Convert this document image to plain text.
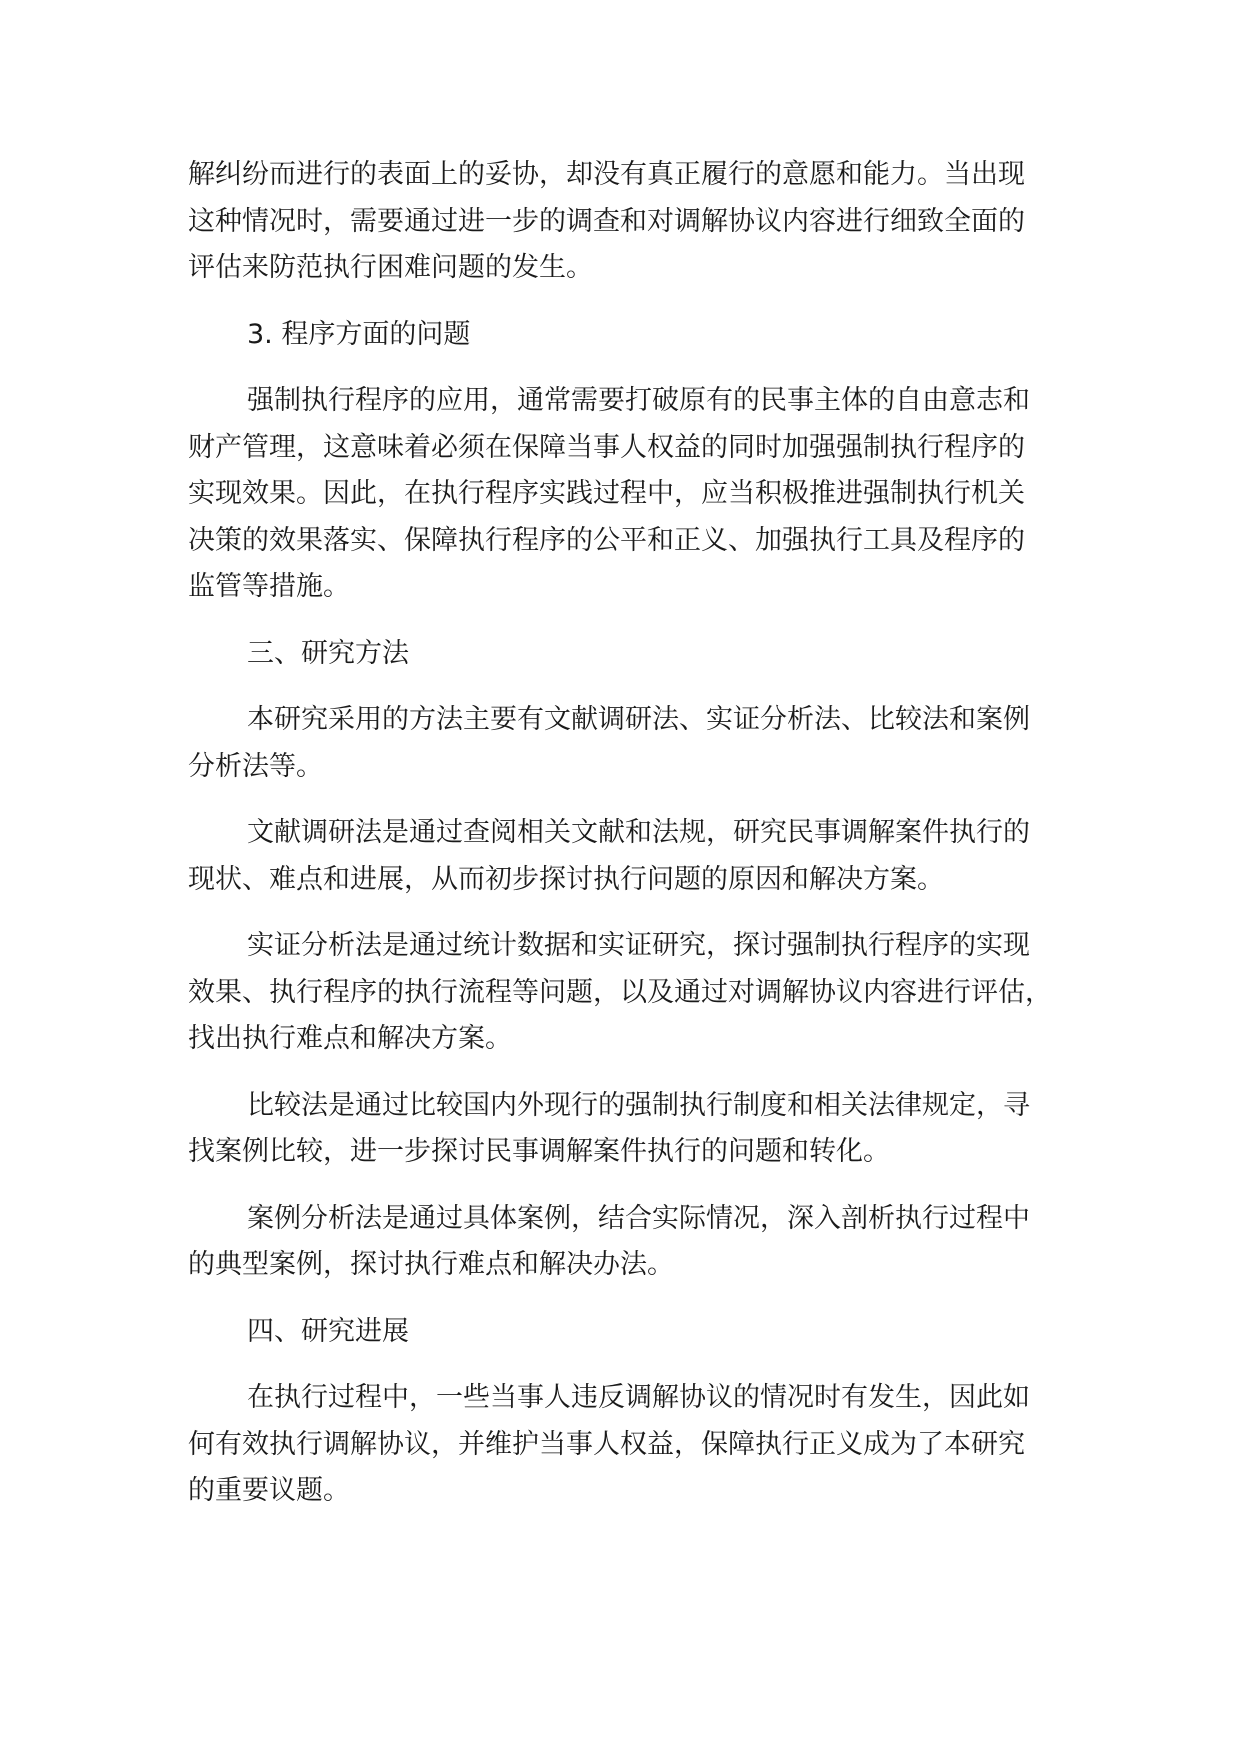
解纠纷而进行的表面上的妥协，却没有真正履行的意愿和能力。当出现
这种情况时，需要通过进一步的调查和对调解协议内容进行细致全面的
评估来防范执行困难问题的发生。
3. 程序方面的问题
强制执行程序的应用，通常需要打破原有的民事主体的自由意志和
财产管理，这意味着必须在保障当事人权益的同时加强强制执行程序的
实现效果。因此，在执行程序实践过程中，应当积极推进强制执行机关
决策的效果落实、保障执行程序的公平和正义、加强执行工具及程序的
监管等措施。
三、研究方法
本研究采用的方法主要有文献调研法、实证分析法、比较法和案例
分析法等。
文献调研法是通过查阅相关文献和法规，研究民事调解案件执行的
现状、难点和进展，从而初步探讨执行问题的原因和解决方案。
实证分析法是通过统计数据和实证研究，探讨强制执行程序的实现
效果、执行程序的执行流程等问题，以及通过对调解协议内容进行评估，
找出执行难点和解决方案。
比较法是通过比较国内外现行的强制执行制度和相关法律规定，寻
找案例比较，进一步探讨民事调解案件执行的问题和转化。
案例分析法是通过具体案例，结合实际情况，深入剖析执行过程中
的典型案例，探讨执行难点和解决办法。
四、研究进展
在执行过程中，一些当事人违反调解协议的情况时有发生，因此如
何有效执行调解协议，并维护当事人权益，保障执行正义成为了本研究
的重要议题。
